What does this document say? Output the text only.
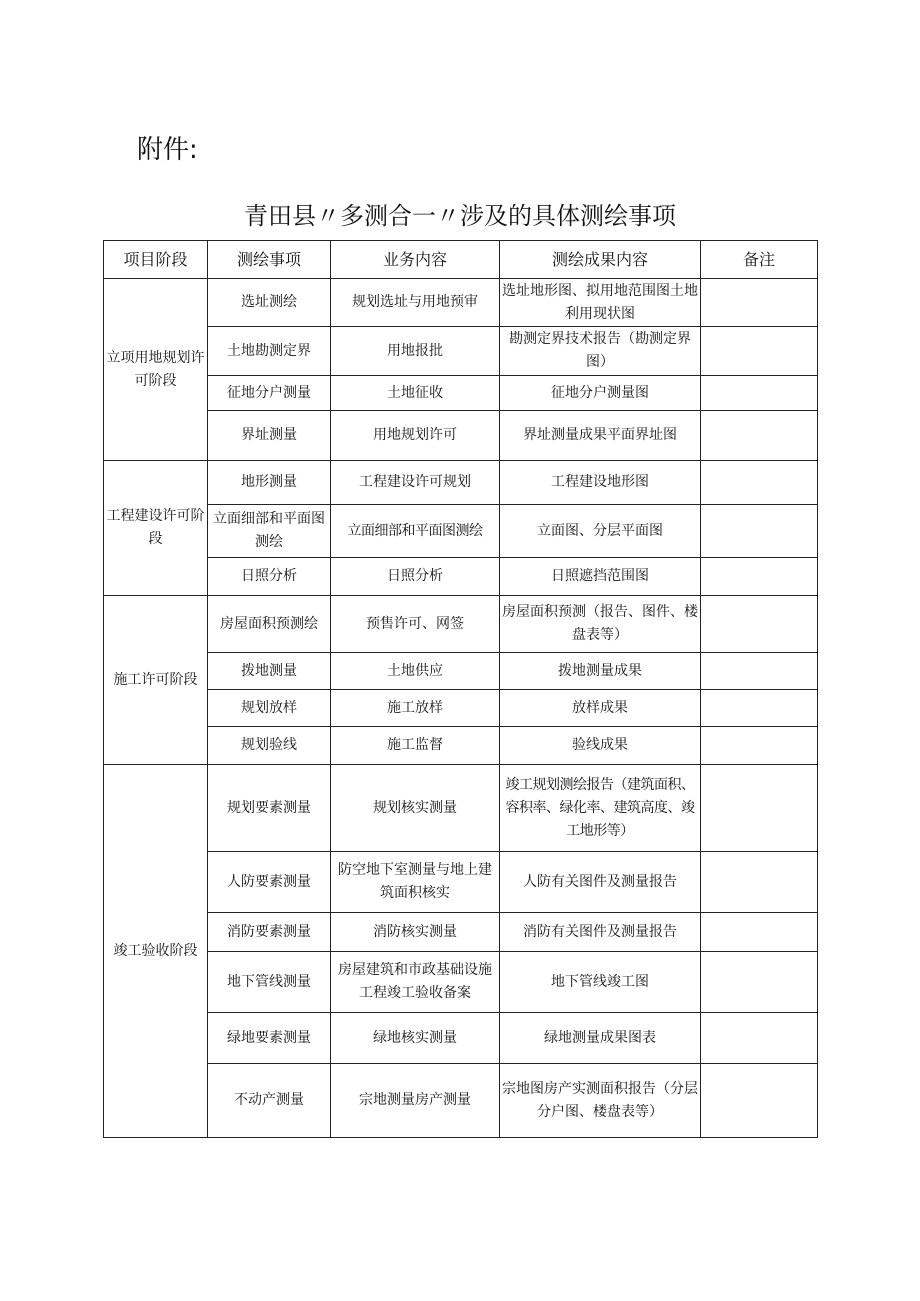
附件:
青田县〃多测合一〃涉及的具体测绘事项
项目阶段	测绘事项	业务内容	测绘成果内容	备注
立项用地规划许可阶段	选址测绘	规划选址与用地预审	选址地形图、拟用地范围图土地利用现状图	
	土地勘测定界	用地报批	勘测定界技术报告（勘测定界图）	
	征地分户测量	土地征收	征地分户测量图	
	界址测量	用地规划许可	界址测量成果平面界址图	
工程建设许可阶段	地形测量	工程建设许可规划	工程建设地形图	
	立面细部和平面图测绘	立面细部和平面图测绘	立面图、分层平面图	
	日照分析	日照分析	日照遮挡范围图	
施工许可阶段	房屋面积预测绘	预售许可、网签	房屋面积预测（报告、图件、楼盘表等）	
	拨地测量	土地供应	拨地测量成果	
	规划放样	施工放样	放样成果	
	规划验线	施工监督	验线成果	
竣工验收阶段	规划要素测量	规划核实测量	竣工规划测绘报告（建筑面积、容积率、绿化率、建筑高度、竣工地形等）	
	人防要素测量	防空地下室测量与地上建筑面积核实	人防有关图件及测量报告	
	消防要素测量	消防核实测量	消防有关图件及测量报告	
	地下管线测量	房屋建筑和市政基础设施工程竣工验收备案	地下管线竣工图	
	绿地要素测量	绿地核实测量	绿地测量成果图表	
	不动产测量	宗地测量房产测量	宗地图房产实测面积报告（分层分户图、楼盘表等）	
